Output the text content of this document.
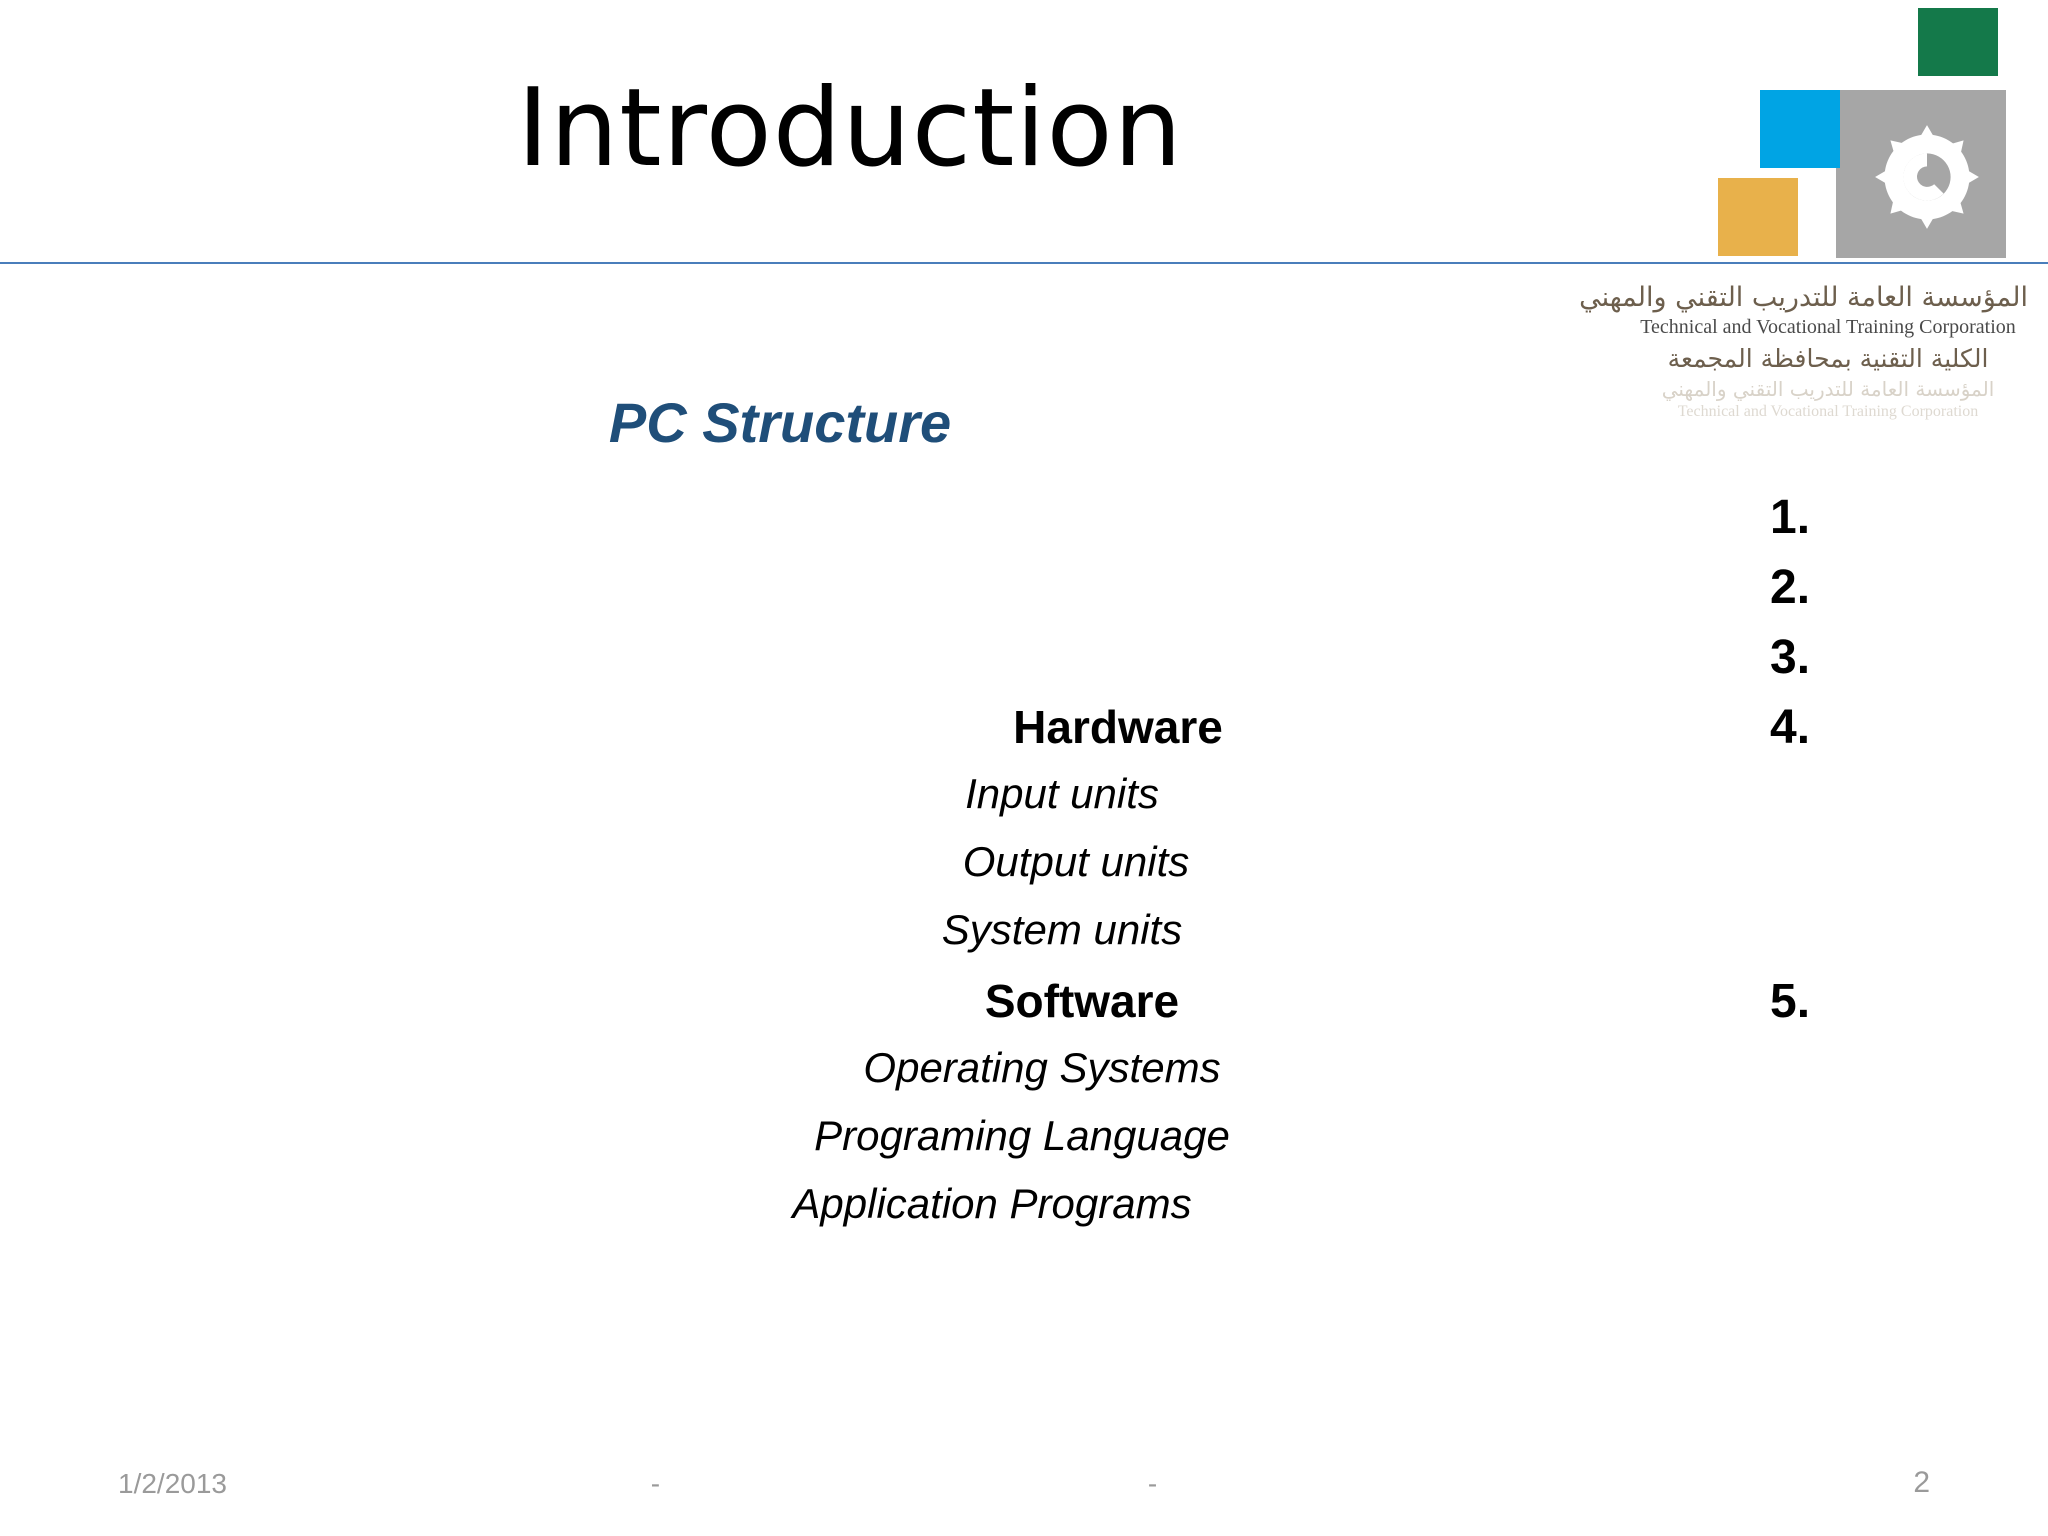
Introduction
المؤسسة العامة للتدريب التقني والمهني
Technical and Vocational Training Corporation
الكلية التقنية بمحافظة المجمعة
المؤسسة العامة للتدريب التقني والمهني
Technical and Vocational Training Corporation
PC Structure
.1
.2
.3
Hardware	.4
Input units
Output units
System units
Software	.5
Operating Systems
Programing Language
Application Programs
1/2/2013	- -	2
